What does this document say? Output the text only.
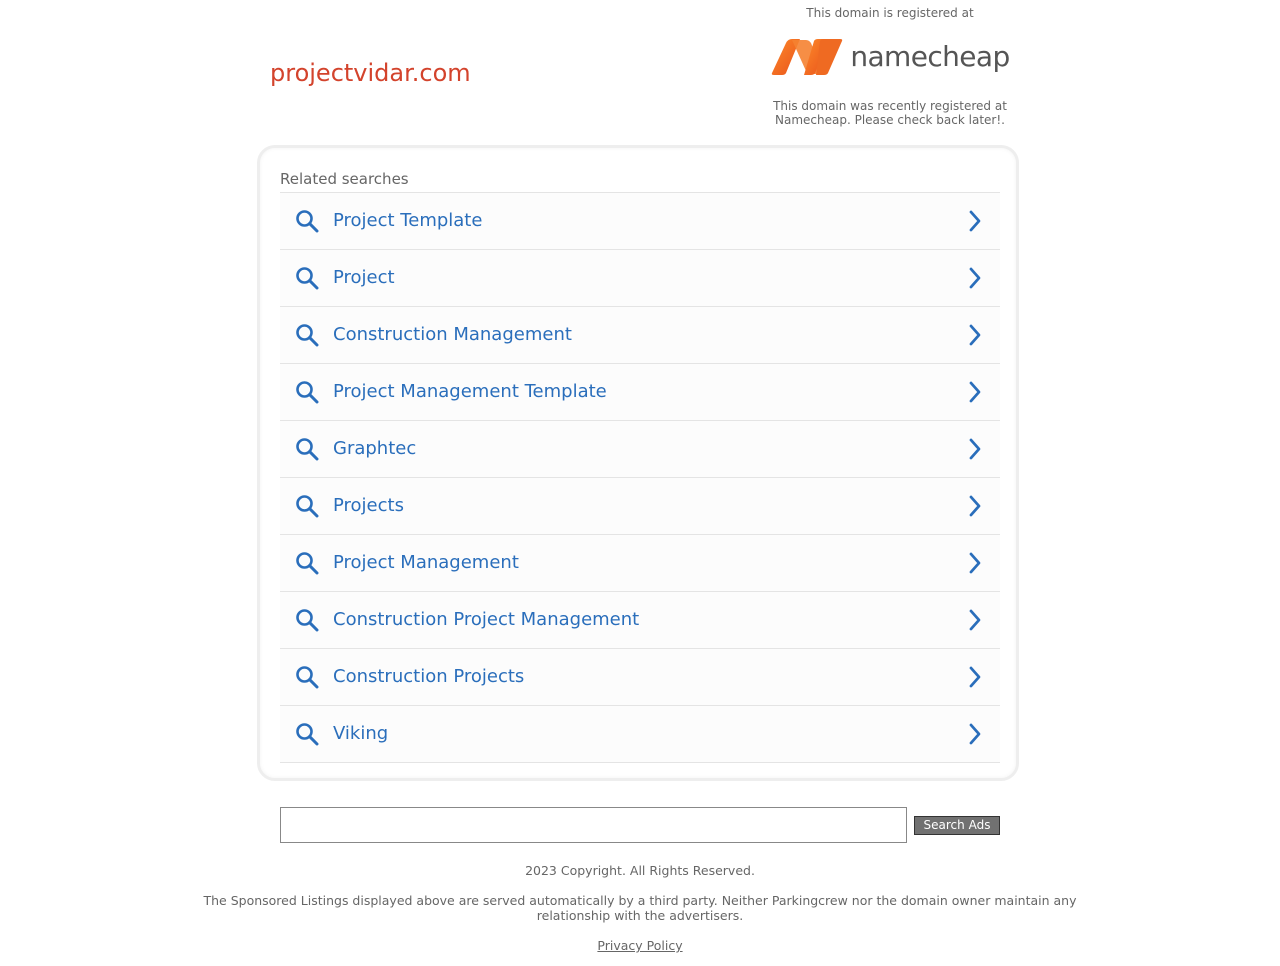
projectvidar.com
This domain is registered at
namecheap
This domain was recently registered at Namecheap. Please check back later!.
Related searches
Project Template
Project
Construction Management
Project Management Template
Graphtec
Projects
Project Management
Construction Project Management
Construction Projects
Viking
Search Ads
2023 Copyright. All Rights Reserved.
The Sponsored Listings displayed above are served automatically by a third party. Neither Parkingcrew nor the domain owner maintain any relationship with the advertisers.
Privacy Policy
